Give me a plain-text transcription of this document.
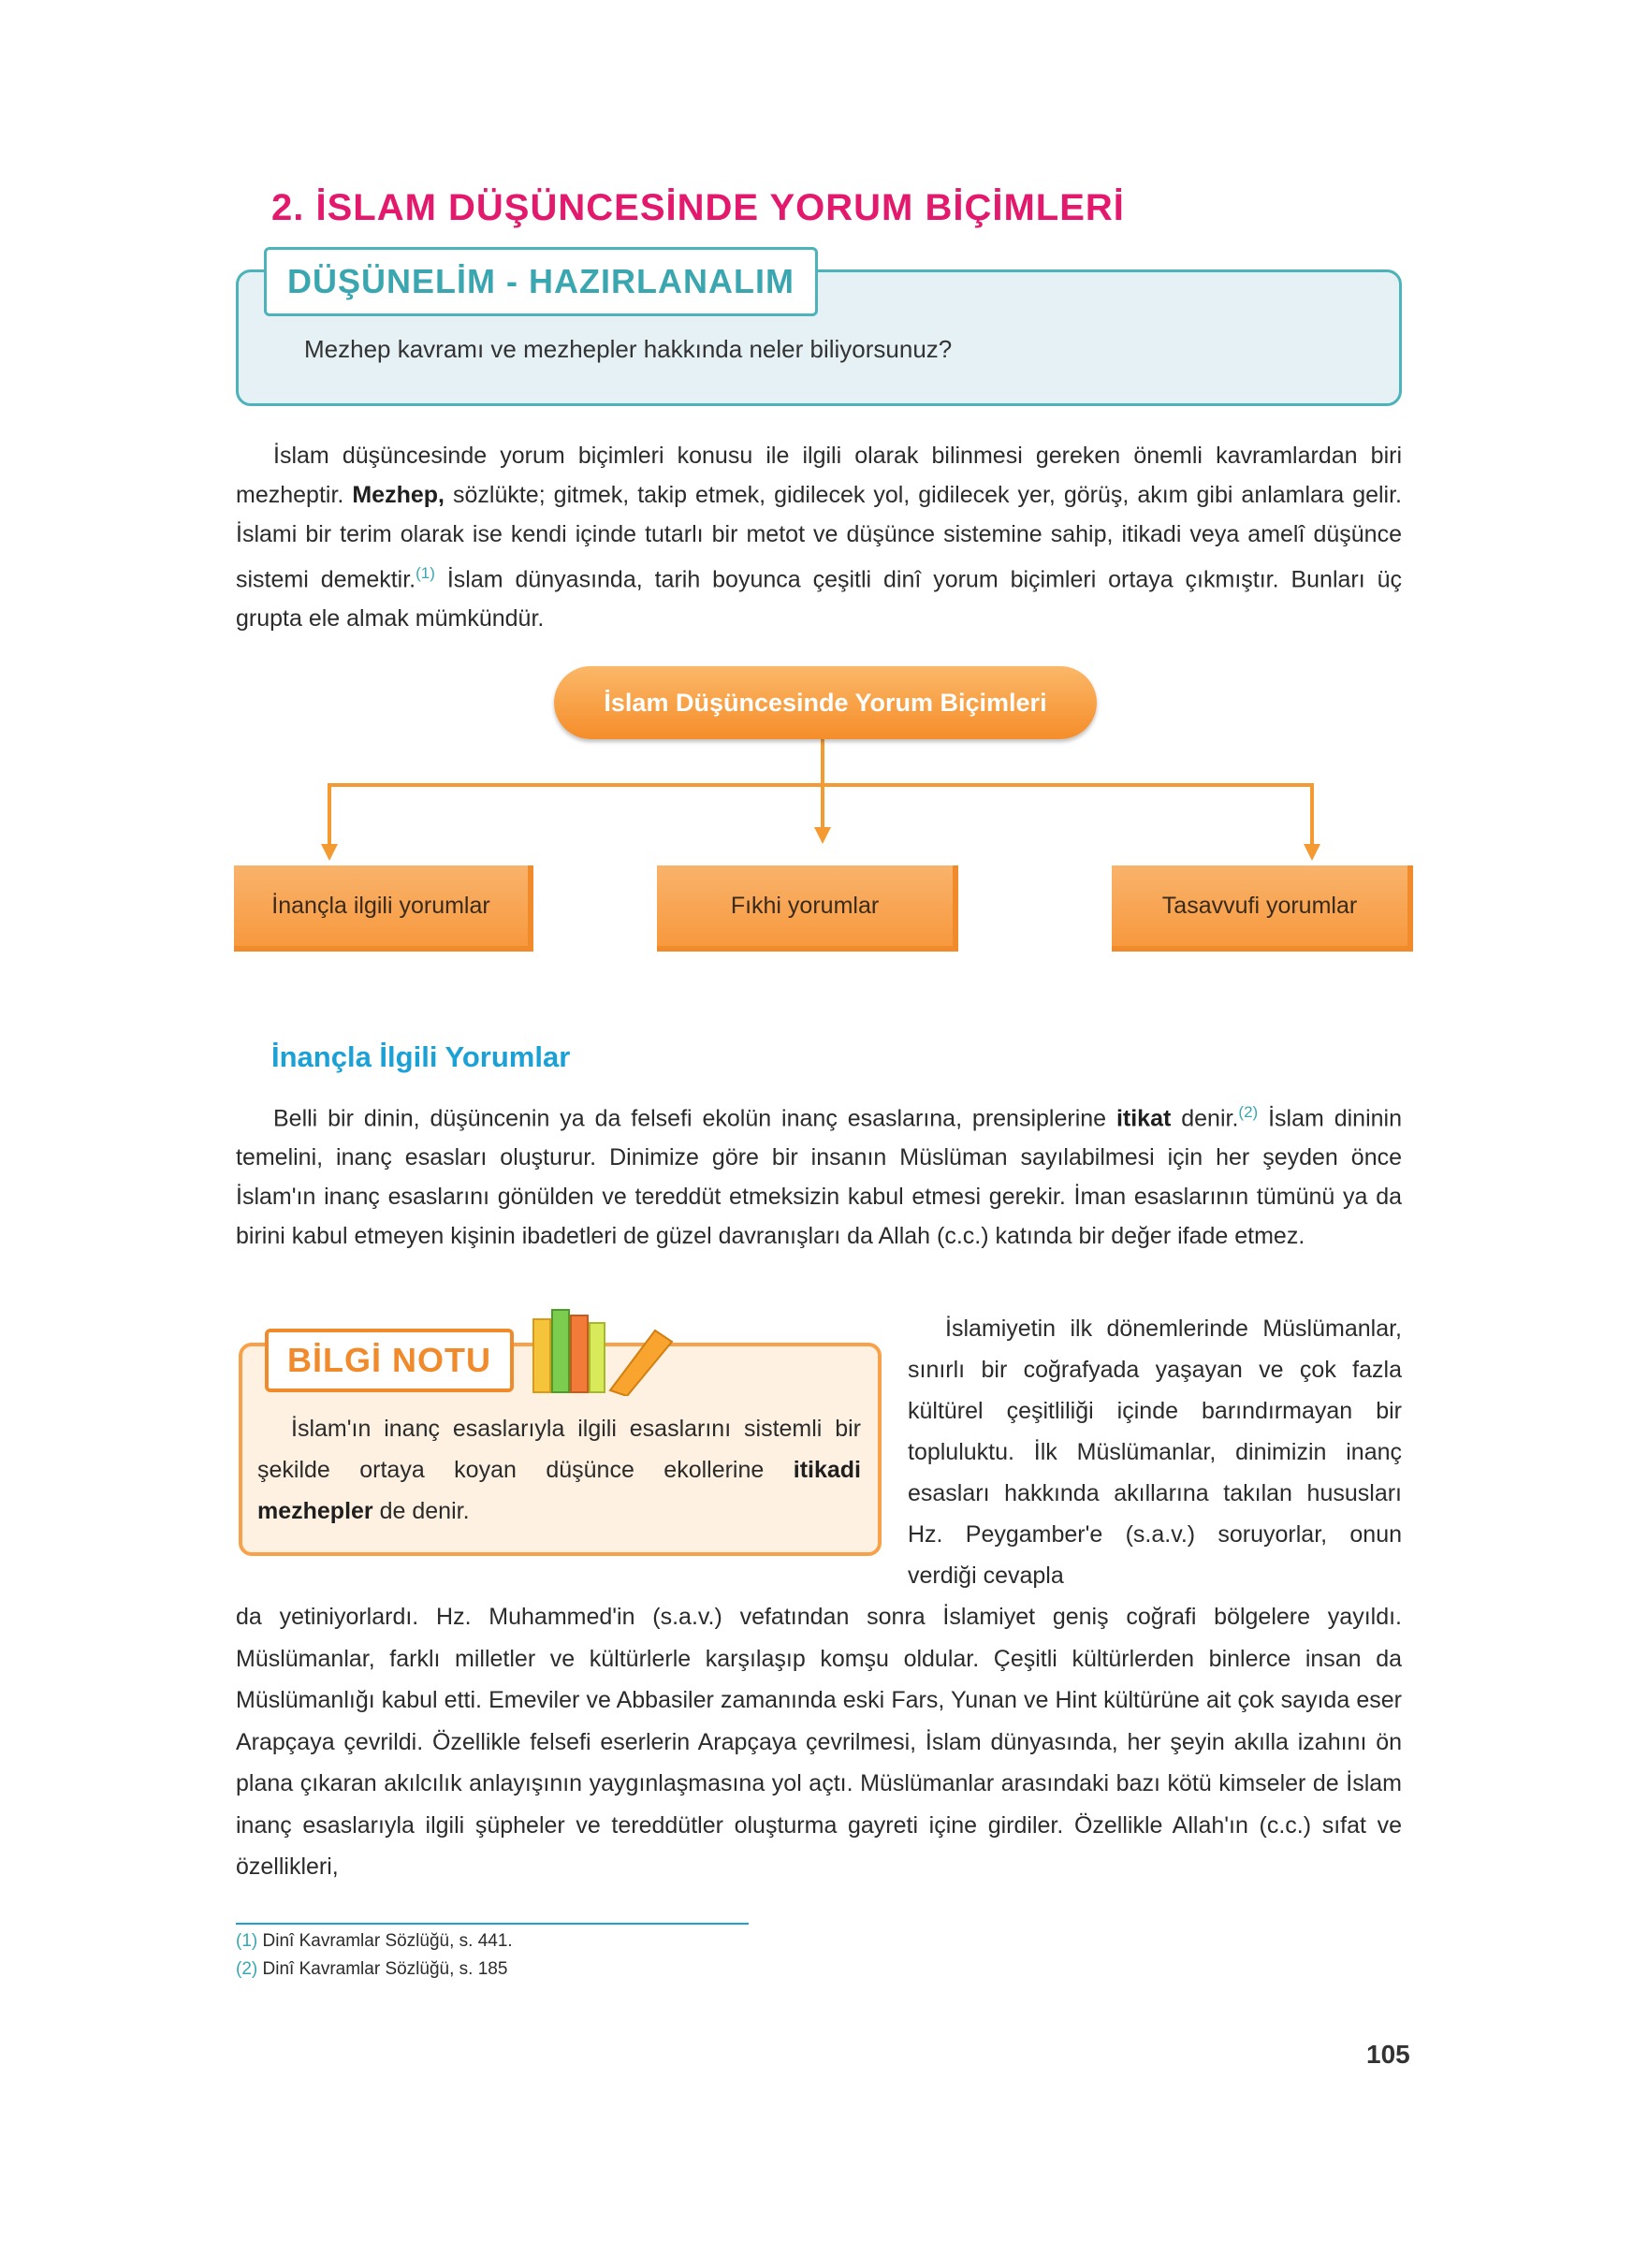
2. İSLAM DÜŞÜNCESİNDE YORUM BİÇİMLERİ
DÜŞÜNELİM - HAZIRLANALIM
Mezhep kavramı ve mezhepler hakkında neler biliyorsunuz?
İslam düşüncesinde yorum biçimleri konusu ile ilgili olarak bilinmesi gereken önemli kavramlardan biri mezheptir. Mezhep, sözlükte; gitmek, takip etmek, gidilecek yol, gidilecek yer, görüş, akım gibi anlamlara gelir. İslami bir terim olarak ise kendi içinde tutarlı bir metot ve düşünce sistemine sahip, itikadi veya amelî düşünce sistemi demektir.$^{(1)}$ İslam dünyasında, tarih boyunca çeşitli dinî yorum biçimleri ortaya çıkmıştır. Bunları üç grupta ele almak mümkündür.
İslam Düşüncesinde Yorum Biçimleri
İnançla ilgili yorumlar	Fıkhi yorumlar	Tasavvufi yorumlar
İnançla İlgili Yorumlar
Belli bir dinin, düşüncenin ya da felsefi ekolün inanç esaslarına, prensiplerine itikat denir.$^{(2)}$ İslam dininin temelini, inanç esasları oluşturur. Dinimize göre bir insanın Müslüman sayılabilmesi için her şeyden önce İslam'ın inanç esaslarını gönülden ve tereddüt etmeksizin kabul etmesi gerekir. İman esaslarının tümünü ya da birini kabul etmeyen kişinin ibadetleri de güzel davranışları da Allah (c.c.) katında bir değer ifade etmez.
BİLGİ NOTU
İslam'ın inanç esaslarıyla ilgili esaslarını sistemli bir şekilde ortaya koyan düşünce ekollerine itikadi mezhepler de denir.
İslamiyetin ilk dönemlerinde Müslümanlar, sınırlı bir coğrafyada yaşayan ve çok fazla kültürel çeşitliliği içinde barındırmayan bir topluluktu. İlk Müslümanlar, dinimizin inanç esasları hakkında akıllarına takılan hususları Hz. Peygamber'e (s.a.v.) soruyorlar, onun verdiği cevapla
da yetiniyorlardı. Hz. Muhammed'in (s.a.v.) vefatından sonra İslamiyet geniş coğrafi bölgelere yayıldı. Müslümanlar, farklı milletler ve kültürlerle karşılaşıp komşu oldular. Çeşitli kültürlerden binlerce insan da Müslümanlığı kabul etti. Emeviler ve Abbasiler zamanında eski Fars, Yunan ve Hint kültürüne ait çok sayıda eser Arapçaya çevrildi. Özellikle felsefi eserlerin Arapçaya çevrilmesi, İslam dünyasında, her şeyin akılla izahını ön plana çıkaran akılcılık anlayışının yaygınlaşmasına yol açtı. Müslümanlar arasındaki bazı kötü kimseler de İslam inanç esaslarıyla ilgili şüpheler ve tereddütler oluşturma gayreti içine girdiler. Özellikle Allah'ın (c.c.) sıfat ve özellikleri,
(1) Dinî Kavramlar Sözlüğü, s. 441.
(2) Dinî Kavramlar Sözlüğü, s. 185
105
